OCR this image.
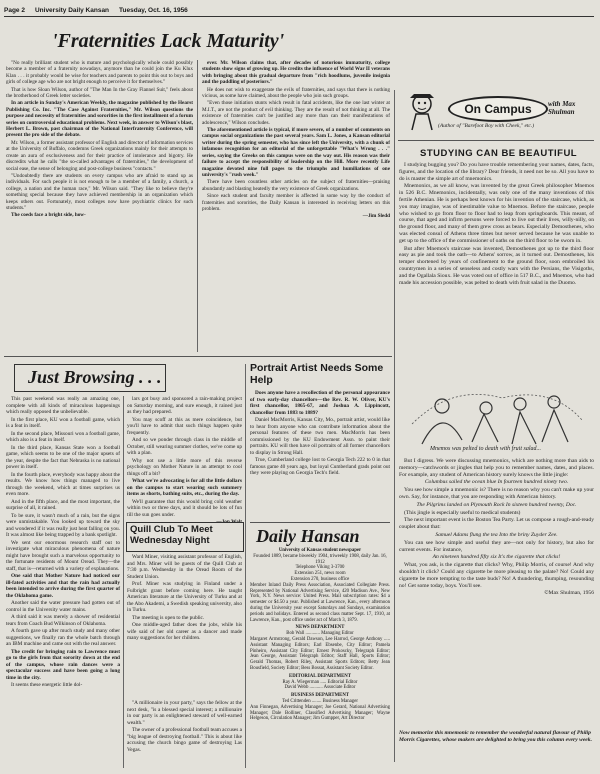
Page 2 University Daily Kansan Tuesday, Oct. 16, 1956
'Fraternities Lack Maturity'

"No really brilliant student who is mature and psychologically whole could possibly become a member of a fraternity nowadays, anymore than he could join the Ku Klux Klan . . . it probably would be wise for teachers and parents to point this out to boys and girls of college age who are not bright enough to perceive it for themselves."

That is how Sloan Wilson, author of "The Man In the Gray Flannel Suit," feels about the brotherhood of Greek letter societies.

In an article in Sunday's American Weekly, the magazine published by the Hearst Publishing Co. Inc. "The Case Against Fraternities," Mr. Wilson questions the purpose and necessity of fraternities and sororities in the first installment of a forum series on controversial educational problems. Next week, in answer to Wilson's blast, Herbert L. Brown, past chairman of the National Interfraternity Conference, will present the pro side of the debate.

Mr. Wilson, a former assistant professor of English and director of information services at the University of Buffalo, condemns Greek organizations mainly for their attempts to create an aura of exclusiveness and for their practice of intolerance and bigotry. He discredits what he calls "the so-called advantages of fraternities," the development of social ease, the sense of belonging and post-college business "contacts."

"Undoubtedly there are students on every campus who are afraid to stand up as individuals. For such people it is not enough to be a member of a family, a church, a college, a nation and the human race," Mr. Wilson said. "They like to believe they're something special because they have achieved membership in an organization which keeps others out. Fortunately, most colleges now have psychiatric clinics for such students."

The coeds face a bright side, how-

ever. Mr. Wilson claims that, after decades of notorious immaturity, college students show signs of growing up. He credits the influence of World War II veterans with bringing about this gradual departure from "rich hoodlums, juvenile insignia and the paddling of posteriors."

He does not wish to exaggerate the evils of fraternities, and says that there is nothing vicious, as some have claimed, about the people who join such groups.

"Even those initiation stunts which result in fatal accidents, like the one last winter at M.I.T., are not the product of evil thinking. They are the result of not thinking at all. The existence of fraternities can't be justified any more than can their manifestations of adolescence," Wilson concludes.

The aforementioned article is typical, if more severe, of a number of comments on campus social organizations the past several years. Sam L. Jones, a Kansan editorial writer during the spring semester, who has since left the University, with a chunk of infamous recognition for an editorial of the unforgettable "What's Wrong . . ." series, saying the Greeks on this campus were on the way out. His reason was their failure to accept the responsibility of leadership on the Hill. More recently Life magazine devoted nine full pages to the triumphs and humiliations of one university's "rush week."

There have been countless other articles on the subject of fraternities—praising abundantly and blasting heatedly the very existence of Greek organizations.

Since each student and faculty member is affected in some way by the conduct of fraternities and sororities, the Daily Kansan is interested in receiving letters on this problem.

—Jim Sledd
On Campus	with Max Shulman
(Author of "Barefoot Boy with Cheek," etc.)
STUDYING CAN BE BEAUTIFUL

I studying bugging you? Do you have trouble remembering your names, dates, facts, figures, and the location of the library? Dear friends, it need not be so. All you have to do is master the simple art of mnemonics.

Mnemonics, as we all know, was invented by the great Greek philosopher Mnemos in 526 B.C. Mnemonics, incidentally, was only one of the many inventions of this fertile Athenian. He is perhaps best known for his invention of the staircase, which, as you may imagine, was of inestimable value to Mnemos. Before the staircase, people who wished to go from floor to floor had to leap from springboards. This meant, of course, that aged and infirm persons were forced to live out their lives, willy-nilly, on the ground floor, and many of them grew cross as bears. Especially Demosthenes, who was elected consul of Athens three times but never served because he was unable to get up to the office of the commissioner of oaths on the third floor to be sworn in.

But after Mnemos's staircase was invented, Demosthenes got up to the third floor easy as pie and took the oath—to Athens' sorrow, as it turned out. Demosthenes, his temper shortened by years of confinement to the ground floor, soon embroiled his countrymen in a series of senseless and costly wars with the Persians, the Visigoths, and the Ogallala Sioux. He was voted out of office in 517 B.C., and Mnemos, who had made his accession possible, was pelted to death with fruit salad in the Duomo.

Mnemos was pelted to death with fruit salad...

But I digress. We were discussing mnemonics, which are nothing more than aids to memory—catchwords or jingles that help you to remember names, dates, and places. For example, any student of American history surely knows the little jingle:

Columbus sailed the ocean blue In fourteen hundred ninety two.

You see how simple a mnemonic is? There is no reason why you can't make up your own. Say, for instance, that you are responding with American history.

The Pilgrims landed on Plymouth Rock In sixteen hundred twenty, Doc.

(This jingle is especially useful to medical students)

The next important event is the Boston Tea Party. Let us compose a rough-and-ready couplet about that:

Samuel Adams flung the tea Into the briny Zuyder Zee.

You can see how simple and useful they are—not only for history, but also for current events. For instance,

An nineteen hundred fifty six It's the cigarette that clicks!

What, you ask, is the cigarette that clicks? Why, Philip Morris, of course! And why shouldn't it click? Could any cigarette be more pleasing to the palate? No! Could any cigarette be more tempting to the taste buds? No! A thundering, thumping, resounding no! Get some today, boys. You'll see.

©Max Shulman, 1956

Now memorize this mnemonic to remember the wonderful natural flavour of Philip Morris Cigarettes, whose makers are delighted to bring you this column every week.
Just Browsing . . .

This past weekend was really an amazing one, complete with all kinds of miraculous happenings which really opposed the unbelievable.

In the first place, KU won a football game, which is a feat in itself.

In the second place, Missouri won a football game, which also is a feat in itself.

In the third place, Kansas State won a football game, which seems to be one of the major upsets of the year, despite the fact that Nebraska is no national power in itself.

In the fourth place, everybody was happy about the results. We know how things managed to live through the weekend, which at times surprises us even more.

And in the fifth place, and the most important, the surprise of all, it rained.

To be sure, it wasn't much of a rain, but the signs were unmistakable. You looked up toward the sky and wondered if it was really just heat falling on you. It was almost like being trapped by a bank spotlight.

We sent our enormous research staff out to investigate what miraculous phenomena of nature might have brought such a marvelous opportunity to the fortunate residents of Mount Oread. They—the staff, that is—returned with a variety of explanations.

One said that Mother Nature had noticed our ill-fated activities and that the rain had actually been intended to arrive during the first quarter of the Oklahoma game.

Another said the water pressure had gotten out of control in the University water mains.

A third said it was merely a shower of residential tears from Coach Bud Wilkinson of Oklahoma.

A fourth gave up after much study and many other suggestions, we finally ran the whole batch through an IBM machine and came out with the real answer.

The credit for bringing rain to Lawrence must go to the girls from that sorority down at the end of the campus, whose rain dances were a spectacular success and have been going a long time in the city.

It seems these energetic little dol-

lars got busy and sponsored a rain-making project on Saturday morning, and sure enough, it rained just as they had prepared.

You may scoff at this as mere coincidence, but you'll have to admit that such things happen quite frequently.

And so we ponder through class in the middle of October, still wearing summer clothes, we've come up with a plan.

Why not use a little more of this reverse psychology on Mother Nature in an attempt to cool things off a bit?

What we're advocating is for all the little dollars on the campus to start wearing such summery items as shorts, bathing suits, etc., during the day.

We'll guarantee that this would bring cold weather within two or three days, and it should be lots of fun till the sun goes under.

—Jon Walt
Quill Club To Meet Wednesday Night

Ward Miner, visiting assistant professor of English, and Mrs. Miner will be guests of the Quill Club at 7:30 p.m. Wednesday in the Oread Room of the Student Union.

Prof. Miner was studying in Finland under a Fulbright grant before coming here. He taught American literature at the University of Turku and at the Abo Akademi, a Swedish speaking university, also in Turku.

The meeting is open to the public.

One middle-aged father does the jobs, while his wife said of her old career as a dancer and made many suggestions for her children.

Portrait Artist Needs Some Help

Does anyone have a recollection of the personal appearance of two early-day chancellors—the Rev. R. W. Oliver, KU's first chancellor, 1865-67, and Joshua A. Lippincott, chancellor from 1883 to 1889?

Daniel MacMorris, Kansas City, Mo., portrait artist, would like to hear from anyone who can contribute information about the personal features of these two men. MacMorris has been commissioned by the KU Endowment Assn. to paint their portraits. KU will then have oil portraits of all former chancellors to display in Strong Hall.

True, Cumberland college lost to Georgia Tech 222 to 0 in that famous game 40 years ago, but loyal Cumberland grads point out they were playing on Georgia Tech's field.

Daily Hansan
University of Kansas student newspaper
Founded 1889, became biweekly 1904, triweekly 1908, daily Jan. 16, 1912
Telephone Viking 3-3700
Extension 251, news room
Extension 270, business office
Member Inland Daily Press Association, Associated Collegiate Press. Represented by National Advertising Service, 420 Madison Ave., New York, N.Y. News service: United Press. Mail subscription rates: $4 a semester or $4.50 a year. Published at Lawrence, Kan., every afternoon during the University year except Saturdays and Sundays, examination periods and holidays. Entered as second class matter Sept. 17, 1910, at Lawrence, Kan., post office under act of March 3, 1879.
NEWS DEPARTMENT
Bob Wall ............ Managing Editor
Margaret Armstrong, Gerald Dawson, Lee Harrod, George Anthony ..... Assistant Managing Editors; Earl Ebsenbe, City Editor; Pamela Pinheiro, Assistant City Editor; Ernest Prokoscky, Telegraph Editor; Jean George, Assistant Telegraph Editor; Staff Hall, Sports Editor; Gerald Thomas, Robert Riley, Assistant Sports Editors; Betty Jean Bousfield, Society Editor; Bess Bossat, Assistant Society Editor.
EDITORIAL DEPARTMENT
Ray A. Wiegerman ..... Editorial Editor
David Webb ........... Associate Editor
BUSINESS DEPARTMENT
Ted Crittenden ........ Business Manager
Ann Finnegan, Advertising Manager; Joe Gerard, National Advertising Manager; Dale Bolliner, Classified Advertising Manager; Wayne Helgeson, Circulation Manager; Jim Gumpper, Art Director

"A millionaire in your party," says the fellow at the next desk, "is a blessed special interest; a millionaire in our party is an enlightened steward of well-earned wealth."

The owner of a professional football team accuses a "big league of destroying football." This is about like accusing the church bingo game of destroying Las Vegas.
